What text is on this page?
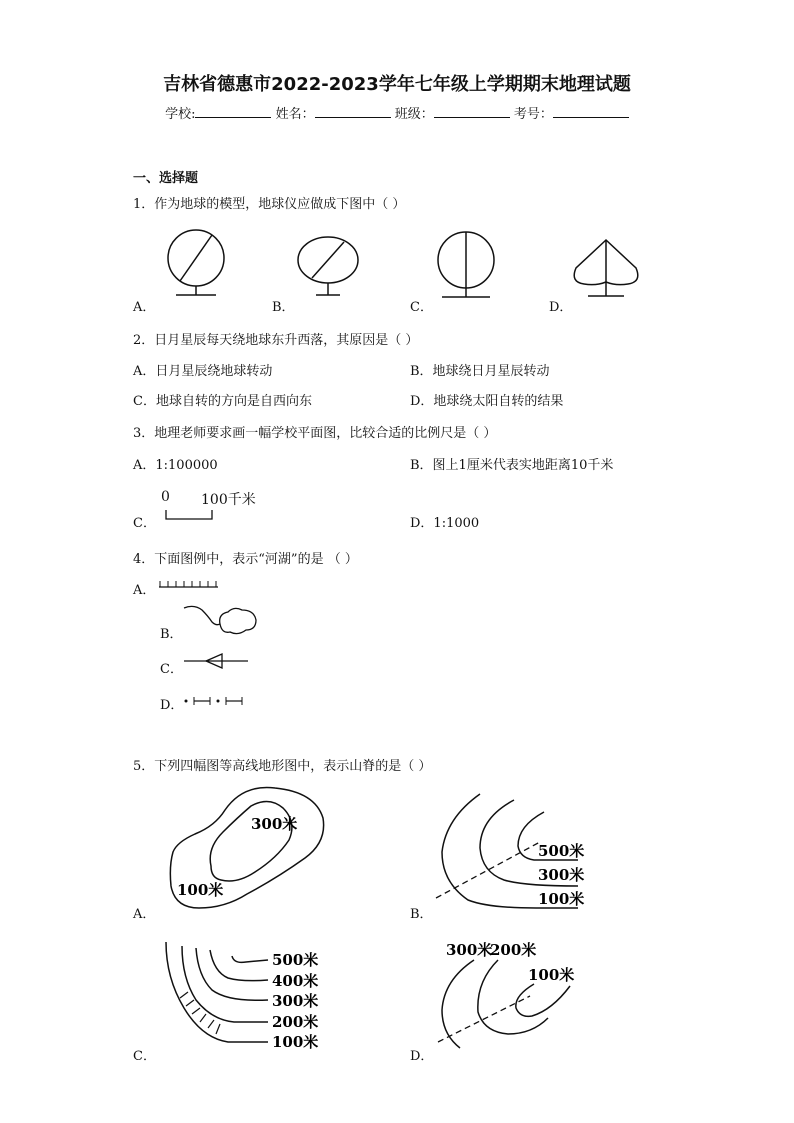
吉林省德惠市2022-2023学年七年级上学期期末地理试题
学校:	姓名：	班级：	考号：
一、选择题
1．作为地球的模型，地球仪应做成下图中（ ）
A．	B．	C．	D．
2．日月星辰每天绕地球东升西落，其原因是（ ）
A．日月星辰绕地球转动	B．地球绕日月星辰转动
C．地球自转的方向是自西向东	D．地球绕太阳自转的结果
3．地理老师要求画一幅学校平面图，比较合适的比例尺是（ ）
A．1:100000	B．图上1厘米代表实地距离10千米
C．	D．1:1000
0 100千米
4．下面图例中，表示“河湖”的是 （ ）
A．
B．
C．
D．
5．下列四幅图等高线地形图中，表示山脊的是（ ）
A．	B．
C．	D．
300米
100米
500米
300米
100米
500米
400米
300米
200米
100米
300米
200米
100米
